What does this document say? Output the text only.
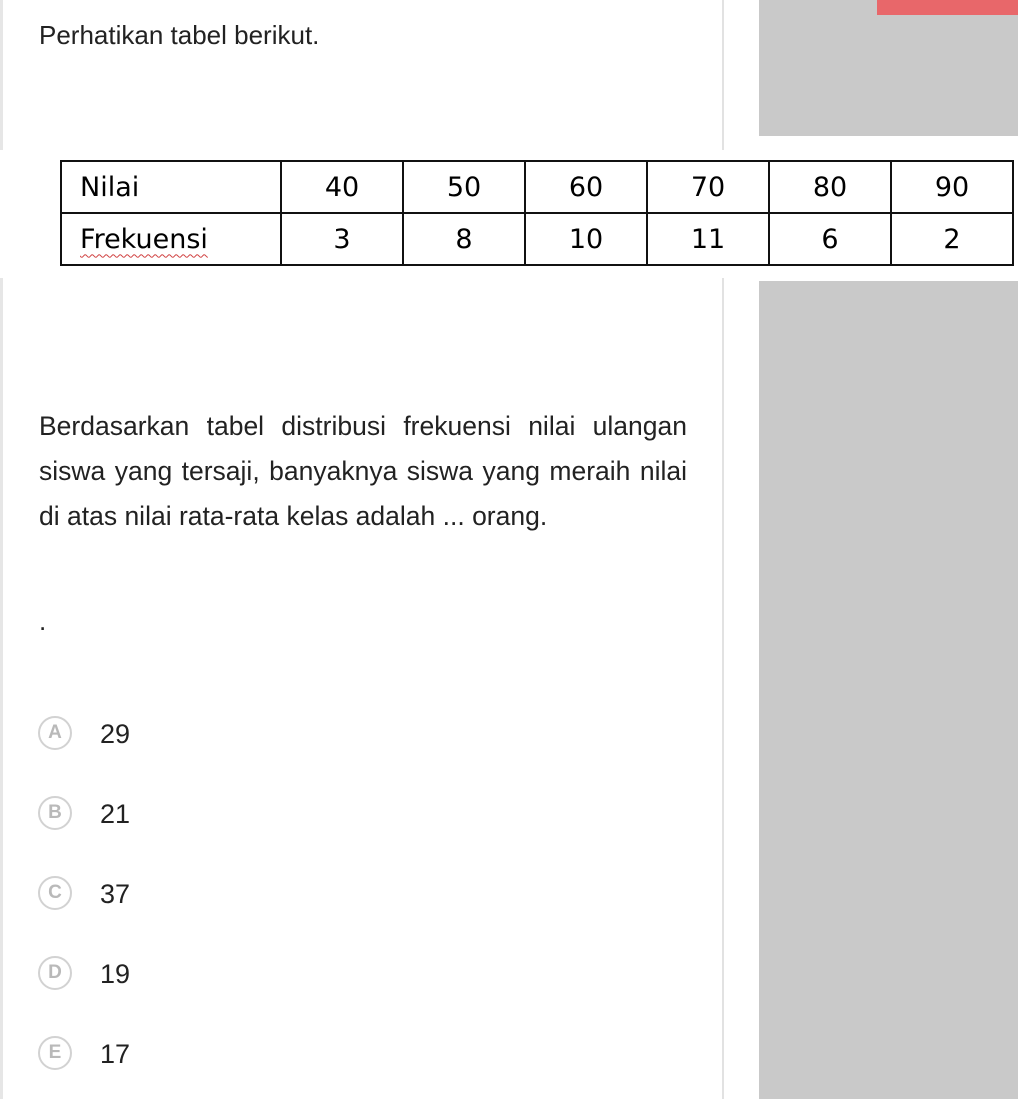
Perhatikan tabel berikut.
Nilai	40	50	60	70	80	90
Frekuensi	3	8	10	11	6	2
Berdasarkan tabel distribusi frekuensi nilai ulangan siswa yang tersaji, banyaknya siswa yang meraih nilai di atas nilai rata-rata kelas adalah ... orang.
.
A	29
B	21
C	37
D	19
E	17
